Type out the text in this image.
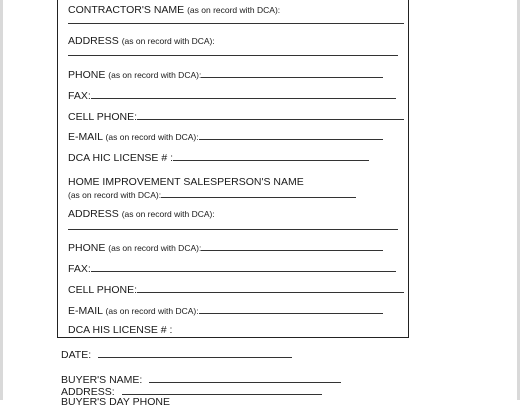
CONTRACTOR'S NAME (as on record with DCA):
ADDRESS (as on record with DCA):
PHONE (as on record with DCA):
FAX:
CELL PHONE:
E-MAIL (as on record with DCA):
DCA HIC LICENSE # :
HOME IMPROVEMENT SALESPERSON'S NAME
(as on record with DCA):
ADDRESS (as on record with DCA):
PHONE (as on record with DCA):
FAX:
CELL PHONE:
E-MAIL (as on record with DCA):
DCA HIS LICENSE # :
DATE:
BUYER'S NAME:
ADDRESS:
BUYER'S DAY PHONE
